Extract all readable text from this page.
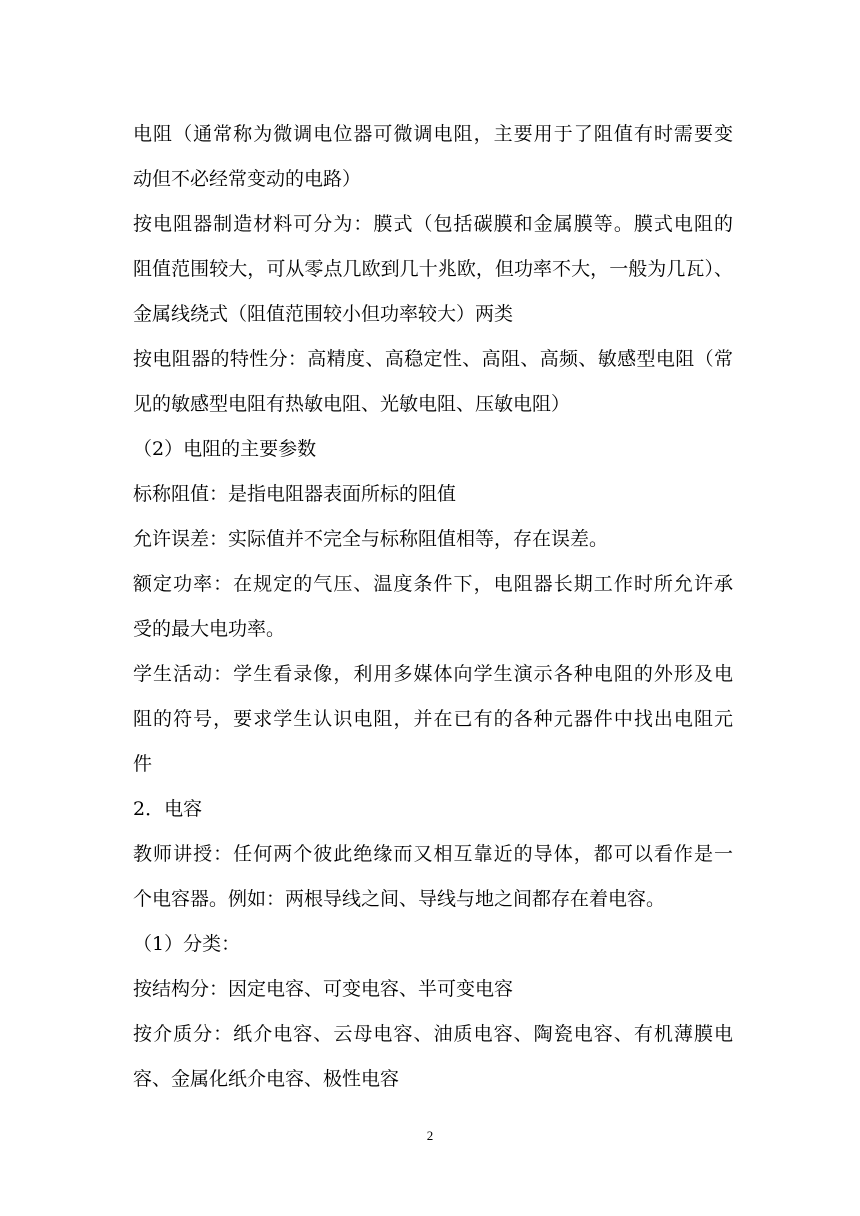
电阻（通常称为微调电位器可微调电阻，主要用于了阻值有时需要变
动但不必经常变动的电路）
按电阻器制造材料可分为：膜式（包括碳膜和金属膜等。膜式电阻的
阻值范围较大，可从零点几欧到几十兆欧，但功率不大，一般为几瓦）、
金属线绕式（阻值范围较小但功率较大）两类
按电阻器的特性分：高精度、高稳定性、高阻、高频、敏感型电阻（常
见的敏感型电阻有热敏电阻、光敏电阻、压敏电阻）
（2）电阻的主要参数
标称阻值：是指电阻器表面所标的阻值
允许误差：实际值并不完全与标称阻值相等，存在误差。
额定功率：在规定的气压、温度条件下，电阻器长期工作时所允许承
受的最大电功率。
学生活动：学生看录像，利用多媒体向学生演示各种电阻的外形及电
阻的符号，要求学生认识电阻，并在已有的各种元器件中找出电阻元
件
2．电容
教师讲授：任何两个彼此绝缘而又相互靠近的导体，都可以看作是一
个电容器。例如：两根导线之间、导线与地之间都存在着电容。
（1）分类：
按结构分：因定电容、可变电容、半可变电容
按介质分：纸介电容、云母电容、油质电容、陶瓷电容、有机薄膜电
容、金属化纸介电容、极性电容
2
